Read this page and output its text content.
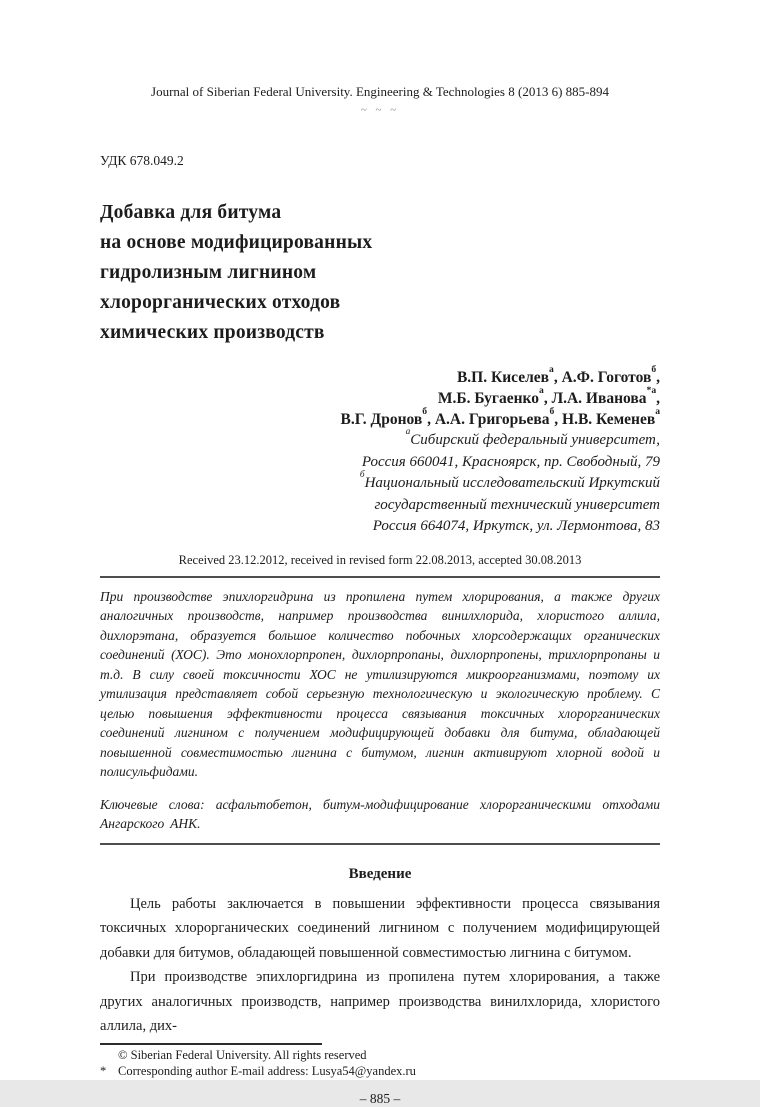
Journal of Siberian Federal University. Engineering & Technologies 8 (2013 6) 885-894
~ ~ ~
УДК 678.049.2
Добавка для битума
на основе модифицированных
гидролизным лигнином
хлорорганических отходов
химических производств
В.П. Киселев$^а$, А.Ф. Гоготов$^б$,
М.Б. Бугаенко$^а$, Л.А. Иванова$^{*а}$,
В.Г. Дронов$^б$, А.А. Григорьева$^б$, Н.В. Кеменев$^а$
$^а$Сибирский федеральный университет,
Россия 660041, Красноярск, пр. Свободный, 79
$^б$Национальный исследовательский Иркутский
государственный технический университет
Россия 664074, Иркутск, ул. Лермонтова, 83
Received 23.12.2012, received in revised form 22.08.2013, accepted 30.08.2013

При производстве эпихлоргидрина из пропилена путем хлорирования, а также других аналогичных производств, например производства винилхлорида, хлористого аллила, дихлорэтана, образуется большое количество побочных хлорсодержащих органических соединений (ХОС). Это монохлорпропен, дихлорпропаны, дихлорпропены, трихлорпропаны и т.д. В силу своей токсичности ХОС не утилизируются микроорганизмами, поэтому их утилизация представляет собой серьезную технологическую и экологическую проблему. С целью повышения эффективности процесса связывания токсичных хлорорганических соединений лигнином с получением модифицирующей добавки для битума, обладающей повышенной совместимостью лигнина с битумом, лигнин активируют хлорной водой и полисульфидами.

Ключевые слова: асфальтобетон, битум-модифицирование хлорорганическими отходами Ангарского АНК.

Введение

Цель работы заключается в повышении эффективности процесса связывания токсичных хлорорганических соединений лигнином с получением модифицирующей добавки для битумов, обладающей повышенной совместимостью лигнина с битумом.

При производстве эпихлоргидрина из пропилена путем хлорирования, а также других аналогичных производств, например производства винилхлорида, хлористого аллила, дих-

© Siberian Federal University. All rights reserved
* Corresponding author E-mail address: Lusya54@yandex.ru
– 885 –
